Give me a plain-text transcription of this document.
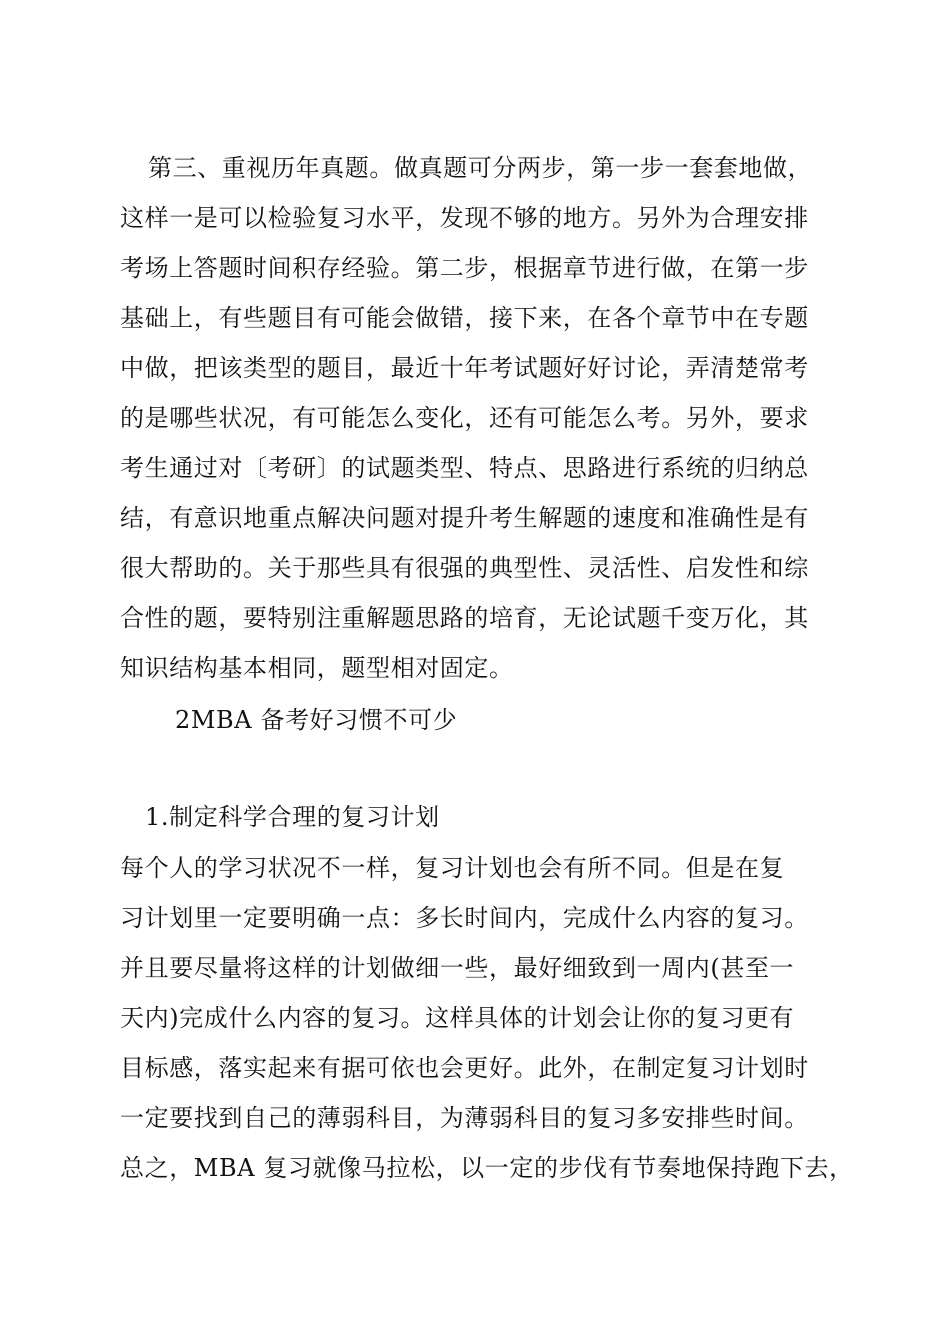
第三、重视历年真题。做真题可分两步，第一步一套套地做，
这样一是可以检验复习水平，发现不够的地方。另外为合理安排
考场上答题时间积存经验。第二步，根据章节进行做，在第一步
基础上，有些题目有可能会做错，接下来，在各个章节中在专题
中做，把该类型的题目，最近十年考试题好好讨论，弄清楚常考
的是哪些状况，有可能怎么变化，还有可能怎么考。另外，要求
考生通过对〔考研〕的试题类型、特点、思路进行系统的归纳总
结，有意识地重点解决问题对提升考生解题的速度和准确性是有
很大帮助的。关于那些具有很强的典型性、灵活性、启发性和综
合性的题，要特别注重解题思路的培育，无论试题千变万化，其
知识结构基本相同，题型相对固定。
2MBA 备考好习惯不可少
1.制定科学合理的复习计划
每个人的学习状况不一样，复习计划也会有所不同。但是在复
习计划里一定要明确一点：多长时间内，完成什么内容的复习。
并且要尽量将这样的计划做细一些，最好细致到一周内(甚至一
天内)完成什么内容的复习。这样具体的计划会让你的复习更有
目标感，落实起来有据可依也会更好。此外，在制定复习计划时
一定要找到自己的薄弱科目，为薄弱科目的复习多安排些时间。
总之，MBA 复习就像马拉松，以一定的步伐有节奏地保持跑下去，
